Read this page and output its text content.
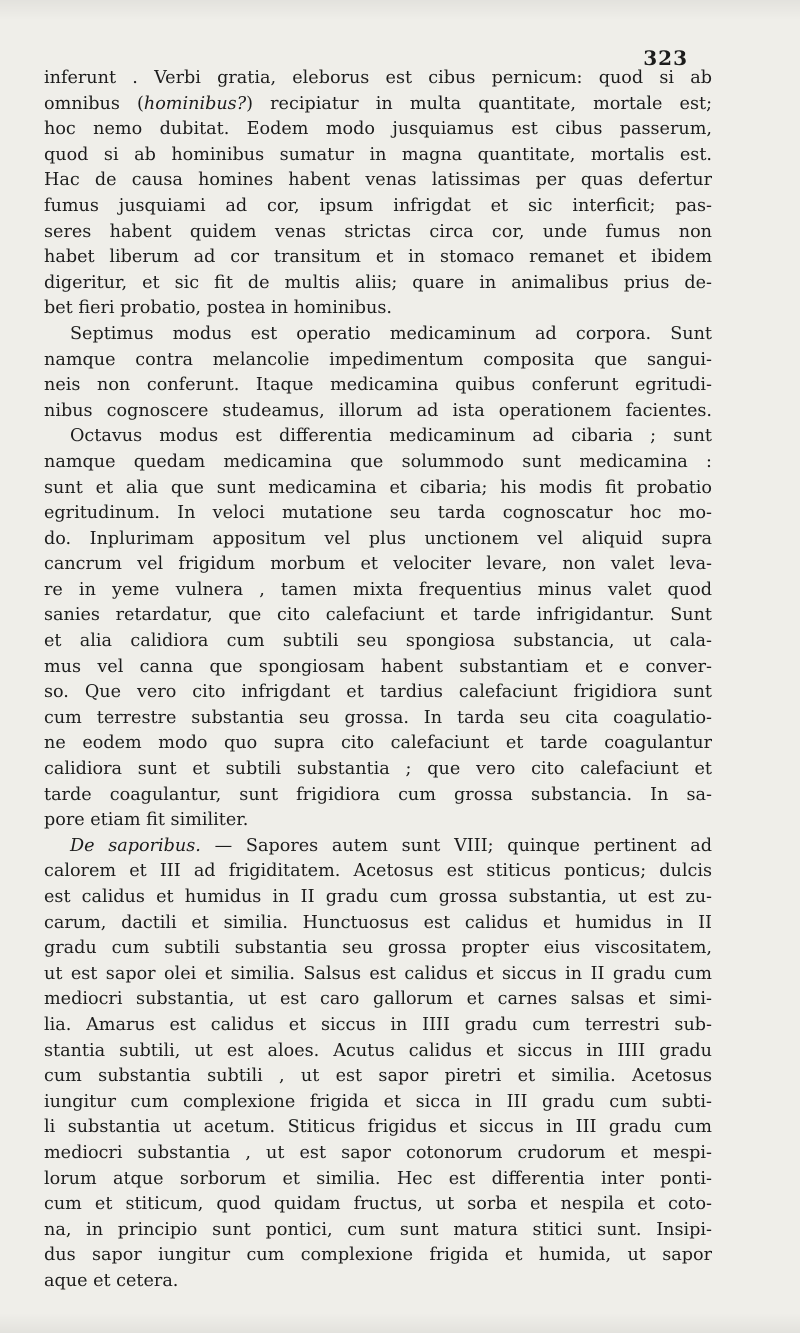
323
inferunt . Verbi gratia, eleborus est cibus pernicum: quod si ab
omnibus (hominibus?) recipiatur in multa quantitate, mortale est;
hoc nemo dubitat. Eodem modo jusquiamus est cibus passerum,
quod si ab hominibus sumatur in magna quantitate, mortalis est.
Hac de causa homines habent venas latissimas per quas defertur
fumus jusquiami ad cor, ipsum infrigdat et sic interficit; pas-
seres habent quidem venas strictas circa cor, unde fumus non
habet liberum ad cor transitum et in stomaco remanet et ibidem
digeritur, et sic fit de multis aliis; quare in animalibus prius de-
bet fieri probatio, postea in hominibus.
Septimus modus est operatio medicaminum ad corpora. Sunt
namque contra melancolie impedimentum composita que sangui-
neis non conferunt. Itaque medicamina quibus conferunt egritudi-
nibus cognoscere studeamus, illorum ad ista operationem facientes.
Octavus modus est differentia medicaminum ad cibaria ; sunt
namque quedam medicamina que solummodo sunt medicamina :
sunt et alia que sunt medicamina et cibaria; his modis fit probatio
egritudinum. In veloci mutatione seu tarda cognoscatur hoc mo-
do. Inplurimam appositum vel plus unctionem vel aliquid supra
cancrum vel frigidum morbum et velociter levare, non valet leva-
re in yeme vulnera , tamen mixta frequentius minus valet quod
sanies retardatur, que cito calefaciunt et tarde infrigidantur. Sunt
et alia calidiora cum subtili seu spongiosa substancia, ut cala-
mus vel canna que spongiosam habent substantiam et e conver-
so. Que vero cito infrigdant et tardius calefaciunt frigidiora sunt
cum terrestre substantia seu grossa. In tarda seu cita coagulatio-
ne eodem modo quo supra cito calefaciunt et tarde coagulantur
calidiora sunt et subtili substantia ; que vero cito calefaciunt et
tarde coagulantur, sunt frigidiora cum grossa substancia. In sa-
pore etiam fit similiter.
De saporibus. — Sapores autem sunt VIII; quinque pertinent ad
calorem et III ad frigiditatem. Acetosus est stiticus ponticus; dulcis
est calidus et humidus in II gradu cum grossa substantia, ut est zu-
carum, dactili et similia. Hunctuosus est calidus et humidus in II
gradu cum subtili substantia seu grossa propter eius viscositatem,
ut est sapor olei et similia. Salsus est calidus et siccus in II gradu cum
mediocri substantia, ut est caro gallorum et carnes salsas et simi-
lia. Amarus est calidus et siccus in IIII gradu cum terrestri sub-
stantia subtili, ut est aloes. Acutus calidus et siccus in IIII gradu
cum substantia subtili , ut est sapor piretri et similia. Acetosus
iungitur cum complexione frigida et sicca in III gradu cum subti-
li substantia ut acetum. Stiticus frigidus et siccus in III gradu cum
mediocri substantia , ut est sapor cotonorum crudorum et mespi-
lorum atque sorborum et similia. Hec est differentia inter ponti-
cum et stiticum, quod quidam fructus, ut sorba et nespila et coto-
na, in principio sunt pontici, cum sunt matura stitici sunt. Insipi-
dus sapor iungitur cum complexione frigida et humida, ut sapor
aque et cetera.
